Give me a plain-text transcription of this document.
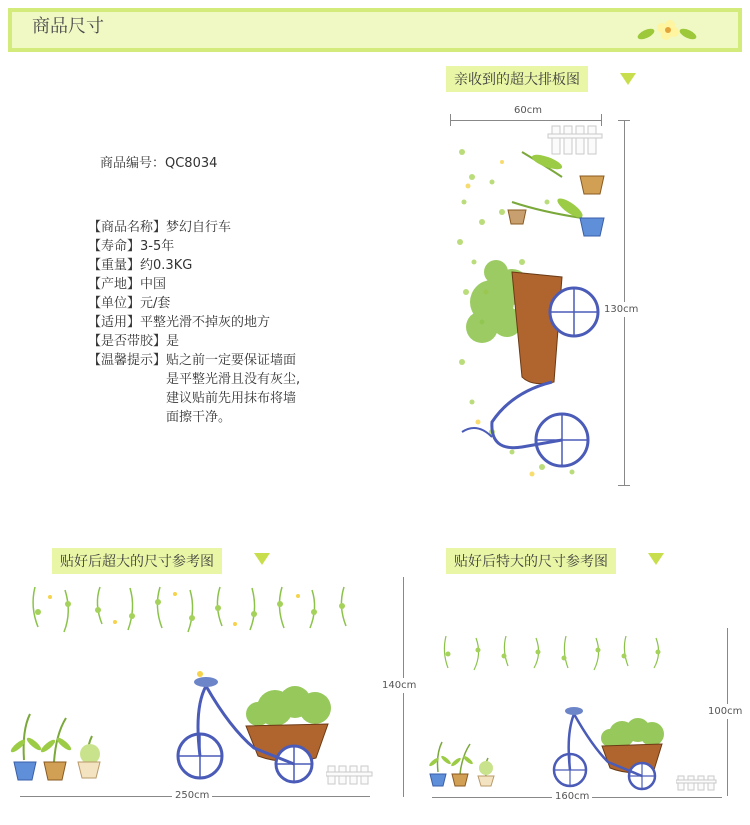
商品尺寸
商品编号：QC8034
【商品名称】 梦幻自行车
【寿命】 3-5年
【重量】 约0.3KG
【产地】 中国
【单位】 元/套
【适用】 平整光滑不掉灰的地方
【是否带胶】 是
【温馨提示】 贴之前一定要保证墙面
是平整光滑且没有灰尘,
建议贴前先用抹布将墙
面擦干净。
亲收到的超大排板图
60cm
130cm
贴好后超大的尺寸参考图
250cm
140cm
贴好后特大的尺寸参考图
160cm
100cm
